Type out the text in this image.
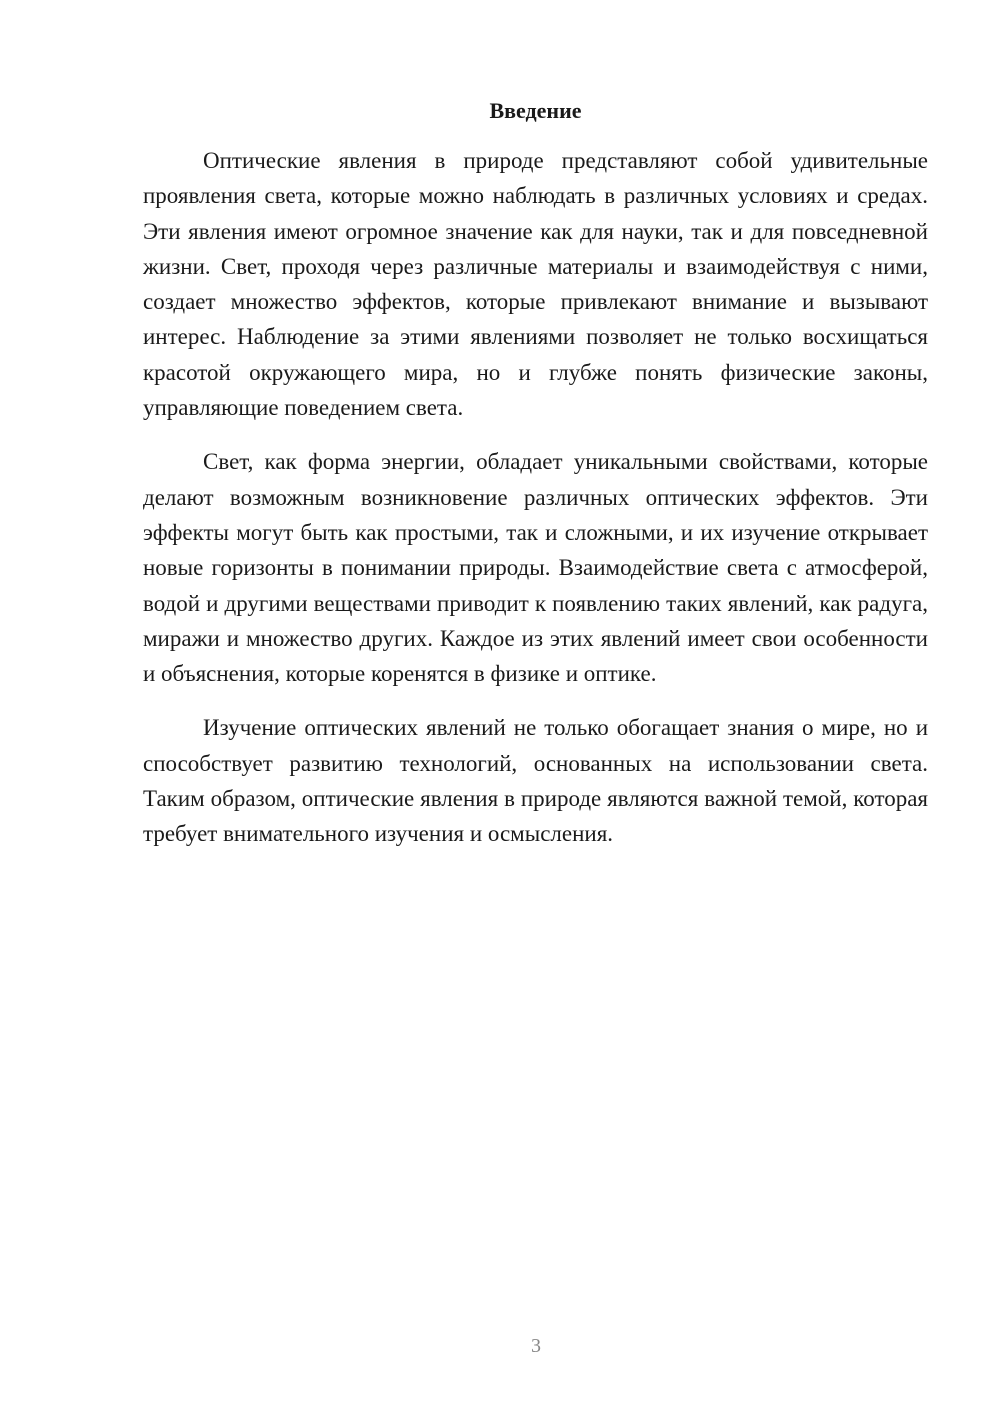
Введение

Оптические явления в природе представляют собой удивительные проявления света, которые можно наблюдать в различных условиях и средах. Эти явления имеют огромное значение как для науки, так и для повседневной жизни. Свет, проходя через различные материалы и взаимодействуя с ними, создает множество эффектов, которые привлекают внимание и вызывают интерес. Наблюдение за этими явлениями позволяет не только восхищаться красотой окружающего мира, но и глубже понять физические законы, управляющие поведением света.

Свет, как форма энергии, обладает уникальными свойствами, которые делают возможным возникновение различных оптических эффектов. Эти эффекты могут быть как простыми, так и сложными, и их изучение открывает новые горизонты в понимании природы. Взаимодействие света с атмосферой, водой и другими веществами приводит к появлению таких явлений, как радуга, миражи и множество других. Каждое из этих явлений имеет свои особенности и объяснения, которые коренятся в физике и оптике.

Изучение оптических явлений не только обогащает знания о мире, но и способствует развитию технологий, основанных на использовании света. Таким образом, оптические явления в природе являются важной темой, которая требует внимательного изучения и осмысления.

3
